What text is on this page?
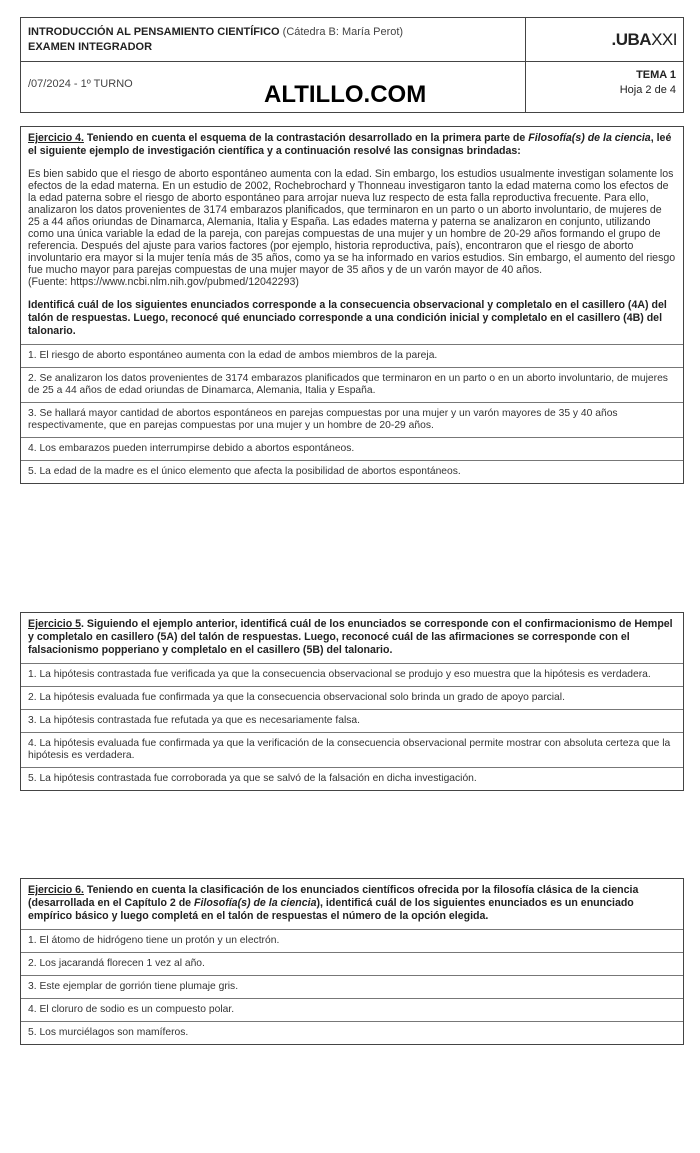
INTRODUCCIÓN AL PENSAMIENTO CIENTÍFICO (Cátedra B: María Perot)
EXAMEN INTEGRADOR	.UBA XXI
/07/2024 - 1º TURNO	ALTILLO.COM
TEMA 1
Hoja 2 de 4
Ejercicio 4. Teniendo en cuenta el esquema de la contrastación desarrollado en la primera parte de Filosofía(s) de la ciencia, leé el siguiente ejemplo de investigación científica y a continuación resolvé las consignas brindadas:
Es bien sabido que el riesgo de aborto espontáneo aumenta con la edad. Sin embargo, los estudios usualmente investigan solamente los efectos de la edad materna. En un estudio de 2002, Rochebrochard y Thonneau investigaron tanto la edad materna como los efectos de la edad paterna sobre el riesgo de aborto espontáneo para arrojar nueva luz respecto de esta falla reproductiva frecuente. Para ello, analizaron los datos provenientes de 3174 embarazos planificados, que terminaron en un parto o un aborto involuntario, de mujeres de 25 a 44 años oriundas de Dinamarca, Alemania, Italia y España. Las edades materna y paterna se analizaron en conjunto, utilizando como una única variable la edad de la pareja, con parejas compuestas de una mujer y un hombre de 20-29 años formando el grupo de referencia. Después del ajuste para varios factores (por ejemplo, historia reproductiva, país), encontraron que el riesgo de aborto involuntario era mayor si la mujer tenía más de 35 años, como ya se ha informado en varios estudios. Sin embargo, el aumento del riesgo fue mucho mayor para parejas compuestas de una mujer mayor de 35 años y de un varón mayor de 40 años.
(Fuente: https://www.ncbi.nlm.nih.gov/pubmed/12042293)
Identificá cuál de los siguientes enunciados corresponde a la consecuencia observacional y completalo en el casillero (4A) del talón de respuestas. Luego, reconocé qué enunciado corresponde a una condición inicial y completalo en el casillero (4B) del talonario.
1. El riesgo de aborto espontáneo aumenta con la edad de ambos miembros de la pareja.
2. Se analizaron los datos provenientes de 3174 embarazos planificados que terminaron en un parto o en un aborto involuntario, de mujeres de 25 a 44 años de edad oriundas de Dinamarca, Alemania, Italia y España.
3. Se hallará mayor cantidad de abortos espontáneos en parejas compuestas por una mujer y un varón mayores de 35 y 40 años respectivamente, que en parejas compuestas por una mujer y un hombre de 20-29 años.
4. Los embarazos pueden interrumpirse debido a abortos espontáneos.
5. La edad de la madre es el único elemento que afecta la posibilidad de abortos espontáneos.
Ejercicio 5. Siguiendo el ejemplo anterior, identificá cuál de los enunciados se corresponde con el confirmacionismo de Hempel y completalo en casillero (5A) del talón de respuestas. Luego, reconocé cuál de las afirmaciones se corresponde con el falsacionismo popperiano y completalo en el casillero (5B) del talonario.
1. La hipótesis contrastada fue verificada ya que la consecuencia observacional se produjo y eso muestra que la hipótesis es verdadera.
2. La hipótesis evaluada fue confirmada ya que la consecuencia observacional solo brinda un grado de apoyo parcial.
3. La hipótesis contrastada fue refutada ya que es necesariamente falsa.
4. La hipótesis evaluada fue confirmada ya que la verificación de la consecuencia observacional permite mostrar con absoluta certeza que la hipótesis es verdadera.
5. La hipótesis contrastada fue corroborada ya que se salvó de la falsación en dicha investigación.
Ejercicio 6. Teniendo en cuenta la clasificación de los enunciados científicos ofrecida por la filosofía clásica de la ciencia (desarrollada en el Capítulo 2 de Filosofía(s) de la ciencia), identificá cuál de los siguientes enunciados es un enunciado empírico básico y luego completá en el talón de respuestas el número de la opción elegida.
1. El átomo de hidrógeno tiene un protón y un electrón.
2. Los jacarandá florecen 1 vez al año.
3. Este ejemplar de gorrión tiene plumaje gris.
4. El cloruro de sodio es un compuesto polar.
5. Los murciélagos son mamíferos.
